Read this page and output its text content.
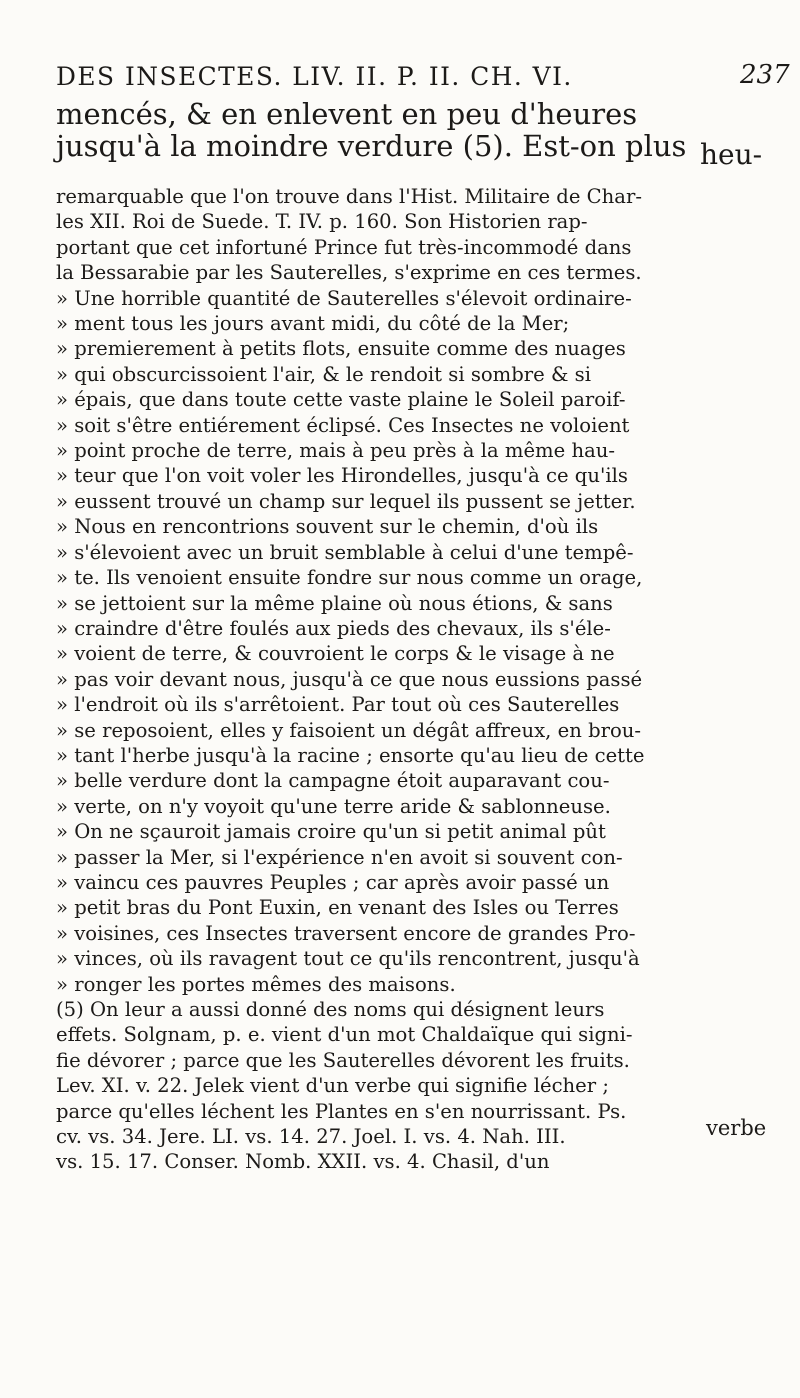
DES INSECTES. LIV. II. P. II. CH. VI.	237

mencés, & en enlevent en peu d'heures

jusqu'à la moindre verdure (5). Est-on plus heu-

remarquable que l'on trouve dans l'Hist. Militaire de Char-

les XII. Roi de Suede. T. IV. p. 160. Son Historien rap-

portant que cet infortuné Prince fut très-incommodé dans

la Bessarabie par les Sauterelles, s'exprime en ces termes.

» Une horrible quantité de Sauterelles s'élevoit ordinaire-

» ment tous les jours avant midi, du côté de la Mer;

» premierement à petits flots, ensuite comme des nuages

» qui obscurcissoient l'air, & le rendoit si sombre & si

» épais, que dans toute cette vaste plaine le Soleil paroif-

» soit s'être entiérement éclipsé. Ces Insectes ne voloient

» point proche de terre, mais à peu près à la même hau-

» teur que l'on voit voler les Hirondelles, jusqu'à ce qu'ils

» eussent trouvé un champ sur lequel ils pussent se jetter.

» Nous en rencontrions souvent sur le chemin, d'où ils

» s'élevoient avec un bruit semblable à celui d'une tempê-

» te. Ils venoient ensuite fondre sur nous comme un orage,

» se jettoient sur la même plaine où nous étions, & sans

» craindre d'être foulés aux pieds des chevaux, ils s'éle-

» voient de terre, & couvroient le corps & le visage à ne

» pas voir devant nous, jusqu'à ce que nous eussions passé

» l'endroit où ils s'arrêtoient. Par tout où ces Sauterelles

» se reposoient, elles y faisoient un dégât affreux, en brou-

» tant l'herbe jusqu'à la racine ; ensorte qu'au lieu de cette

» belle verdure dont la campagne étoit auparavant cou-

» verte, on n'y voyoit qu'une terre aride & sablonneuse.

» On ne sçauroit jamais croire qu'un si petit animal pût

» passer la Mer, si l'expérience n'en avoit si souvent con-

» vaincu ces pauvres Peuples ; car après avoir passé un

» petit bras du Pont Euxin, en venant des Isles ou Terres

» voisines, ces Insectes traversent encore de grandes Pro-

» vinces, où ils ravagent tout ce qu'ils rencontrent, jusqu'à

» ronger les portes mêmes des maisons.

(5) On leur a aussi donné des noms qui désignent leurs

effets. Solgnam, p. e. vient d'un mot Chaldaïque qui signi-

fie dévorer ; parce que les Sauterelles dévorent les fruits.

Lev. XI. v. 22. Jelek vient d'un verbe qui signifie lécher ;

parce qu'elles léchent les Plantes en s'en nourrissant. Ps.

cv. vs. 34. Jere. LI. vs. 14. 27. Joel. I. vs. 4. Nah. III.

vs. 15. 17. Conser. Nomb. XXII. vs. 4. Chasil, d'un

verbe
